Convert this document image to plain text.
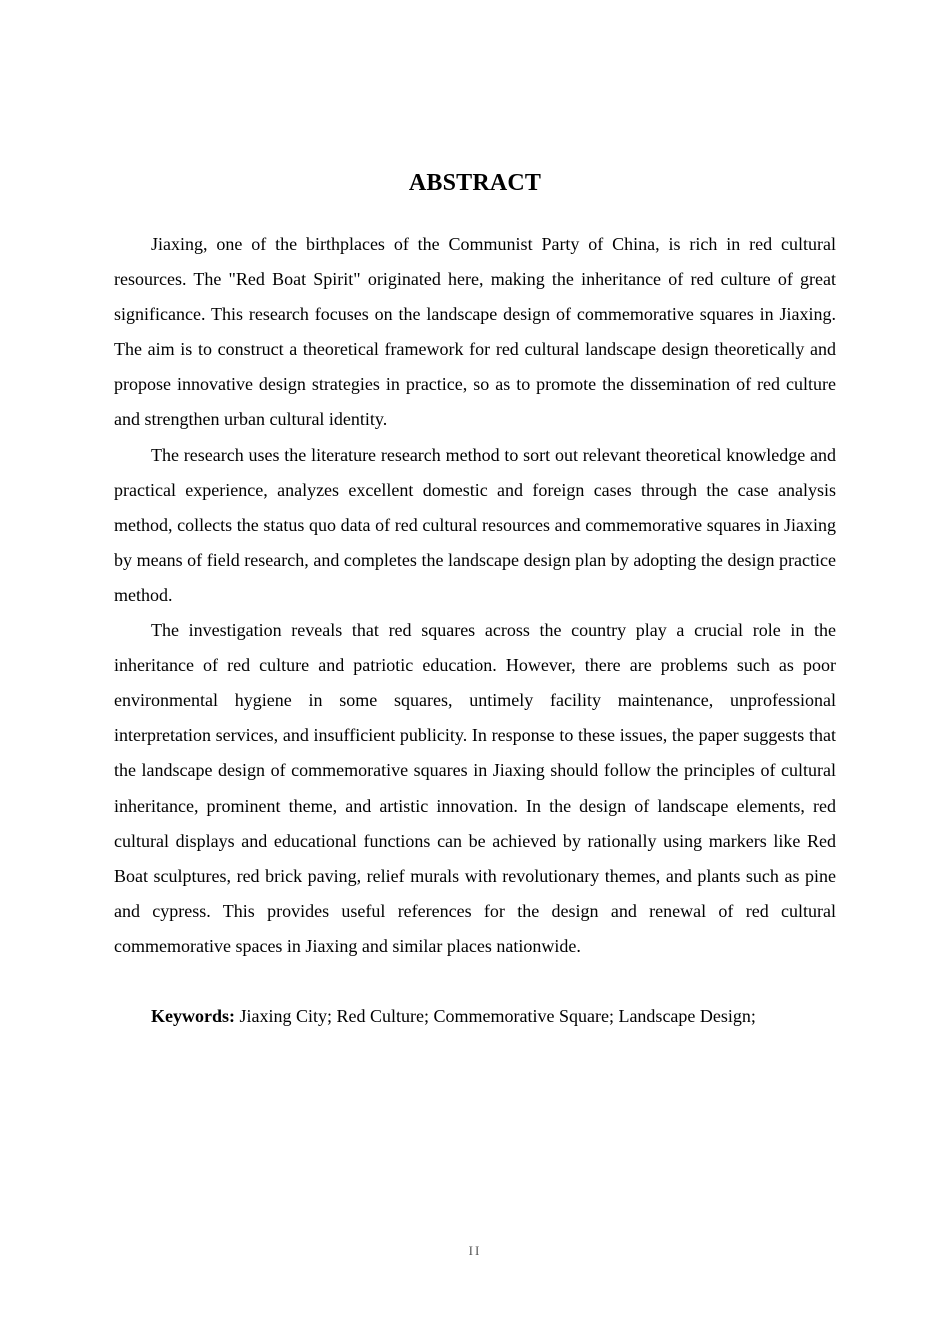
ABSTRACT

Jiaxing, one of the birthplaces of the Communist Party of China, is rich in red cultural resources. The "Red Boat Spirit" originated here, making the inheritance of red culture of great significance. This research focuses on the landscape design of commemorative squares in Jiaxing. The aim is to construct a theoretical framework for red cultural landscape design theoretically and propose innovative design strategies in practice, so as to promote the dissemination of red culture and strengthen urban cultural identity.

The research uses the literature research method to sort out relevant theoretical knowledge and practical experience, analyzes excellent domestic and foreign cases through the case analysis method, collects the status quo data of red cultural resources and commemorative squares in Jiaxing by means of field research, and completes the landscape design plan by adopting the design practice method.

The investigation reveals that red squares across the country play a crucial role in the inheritance of red culture and patriotic education. However, there are problems such as poor environmental hygiene in some squares, untimely facility maintenance, unprofessional interpretation services, and insufficient publicity. In response to these issues, the paper suggests that the landscape design of commemorative squares in Jiaxing should follow the principles of cultural inheritance, prominent theme, and artistic innovation. In the design of landscape elements, red cultural displays and educational functions can be achieved by rationally using markers like Red Boat sculptures, red brick paving, relief murals with revolutionary themes, and plants such as pine and cypress. This provides useful references for the design and renewal of red cultural commemorative spaces in Jiaxing and similar places nationwide.

Keywords: Jiaxing City; Red Culture; Commemorative Square; Landscape Design;

II
